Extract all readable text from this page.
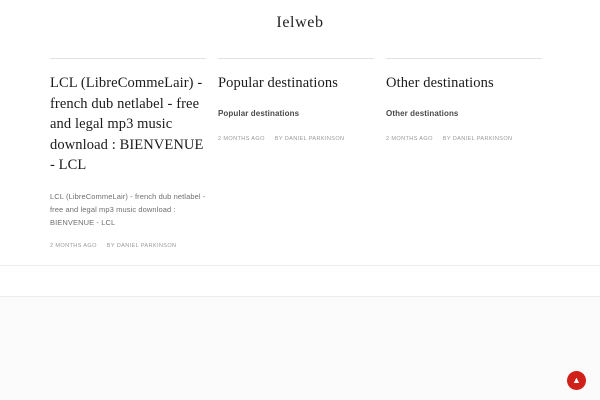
Ielweb
LCL (LibreCommeLair) - french dub netlabel - free and legal mp3 music download : BIENVENUE - LCL

LCL (LibreCommeLair) - french dub netlabel - free and legal mp3 music download : BIENVENUE - LCL

2 MONTHS AGO BY DANIEL PARKINSON
Popular destinations

Popular destinations

2 MONTHS AGO BY DANIEL PARKINSON
Other destinations

Other destinations

2 MONTHS AGO BY DANIEL PARKINSON
▲
